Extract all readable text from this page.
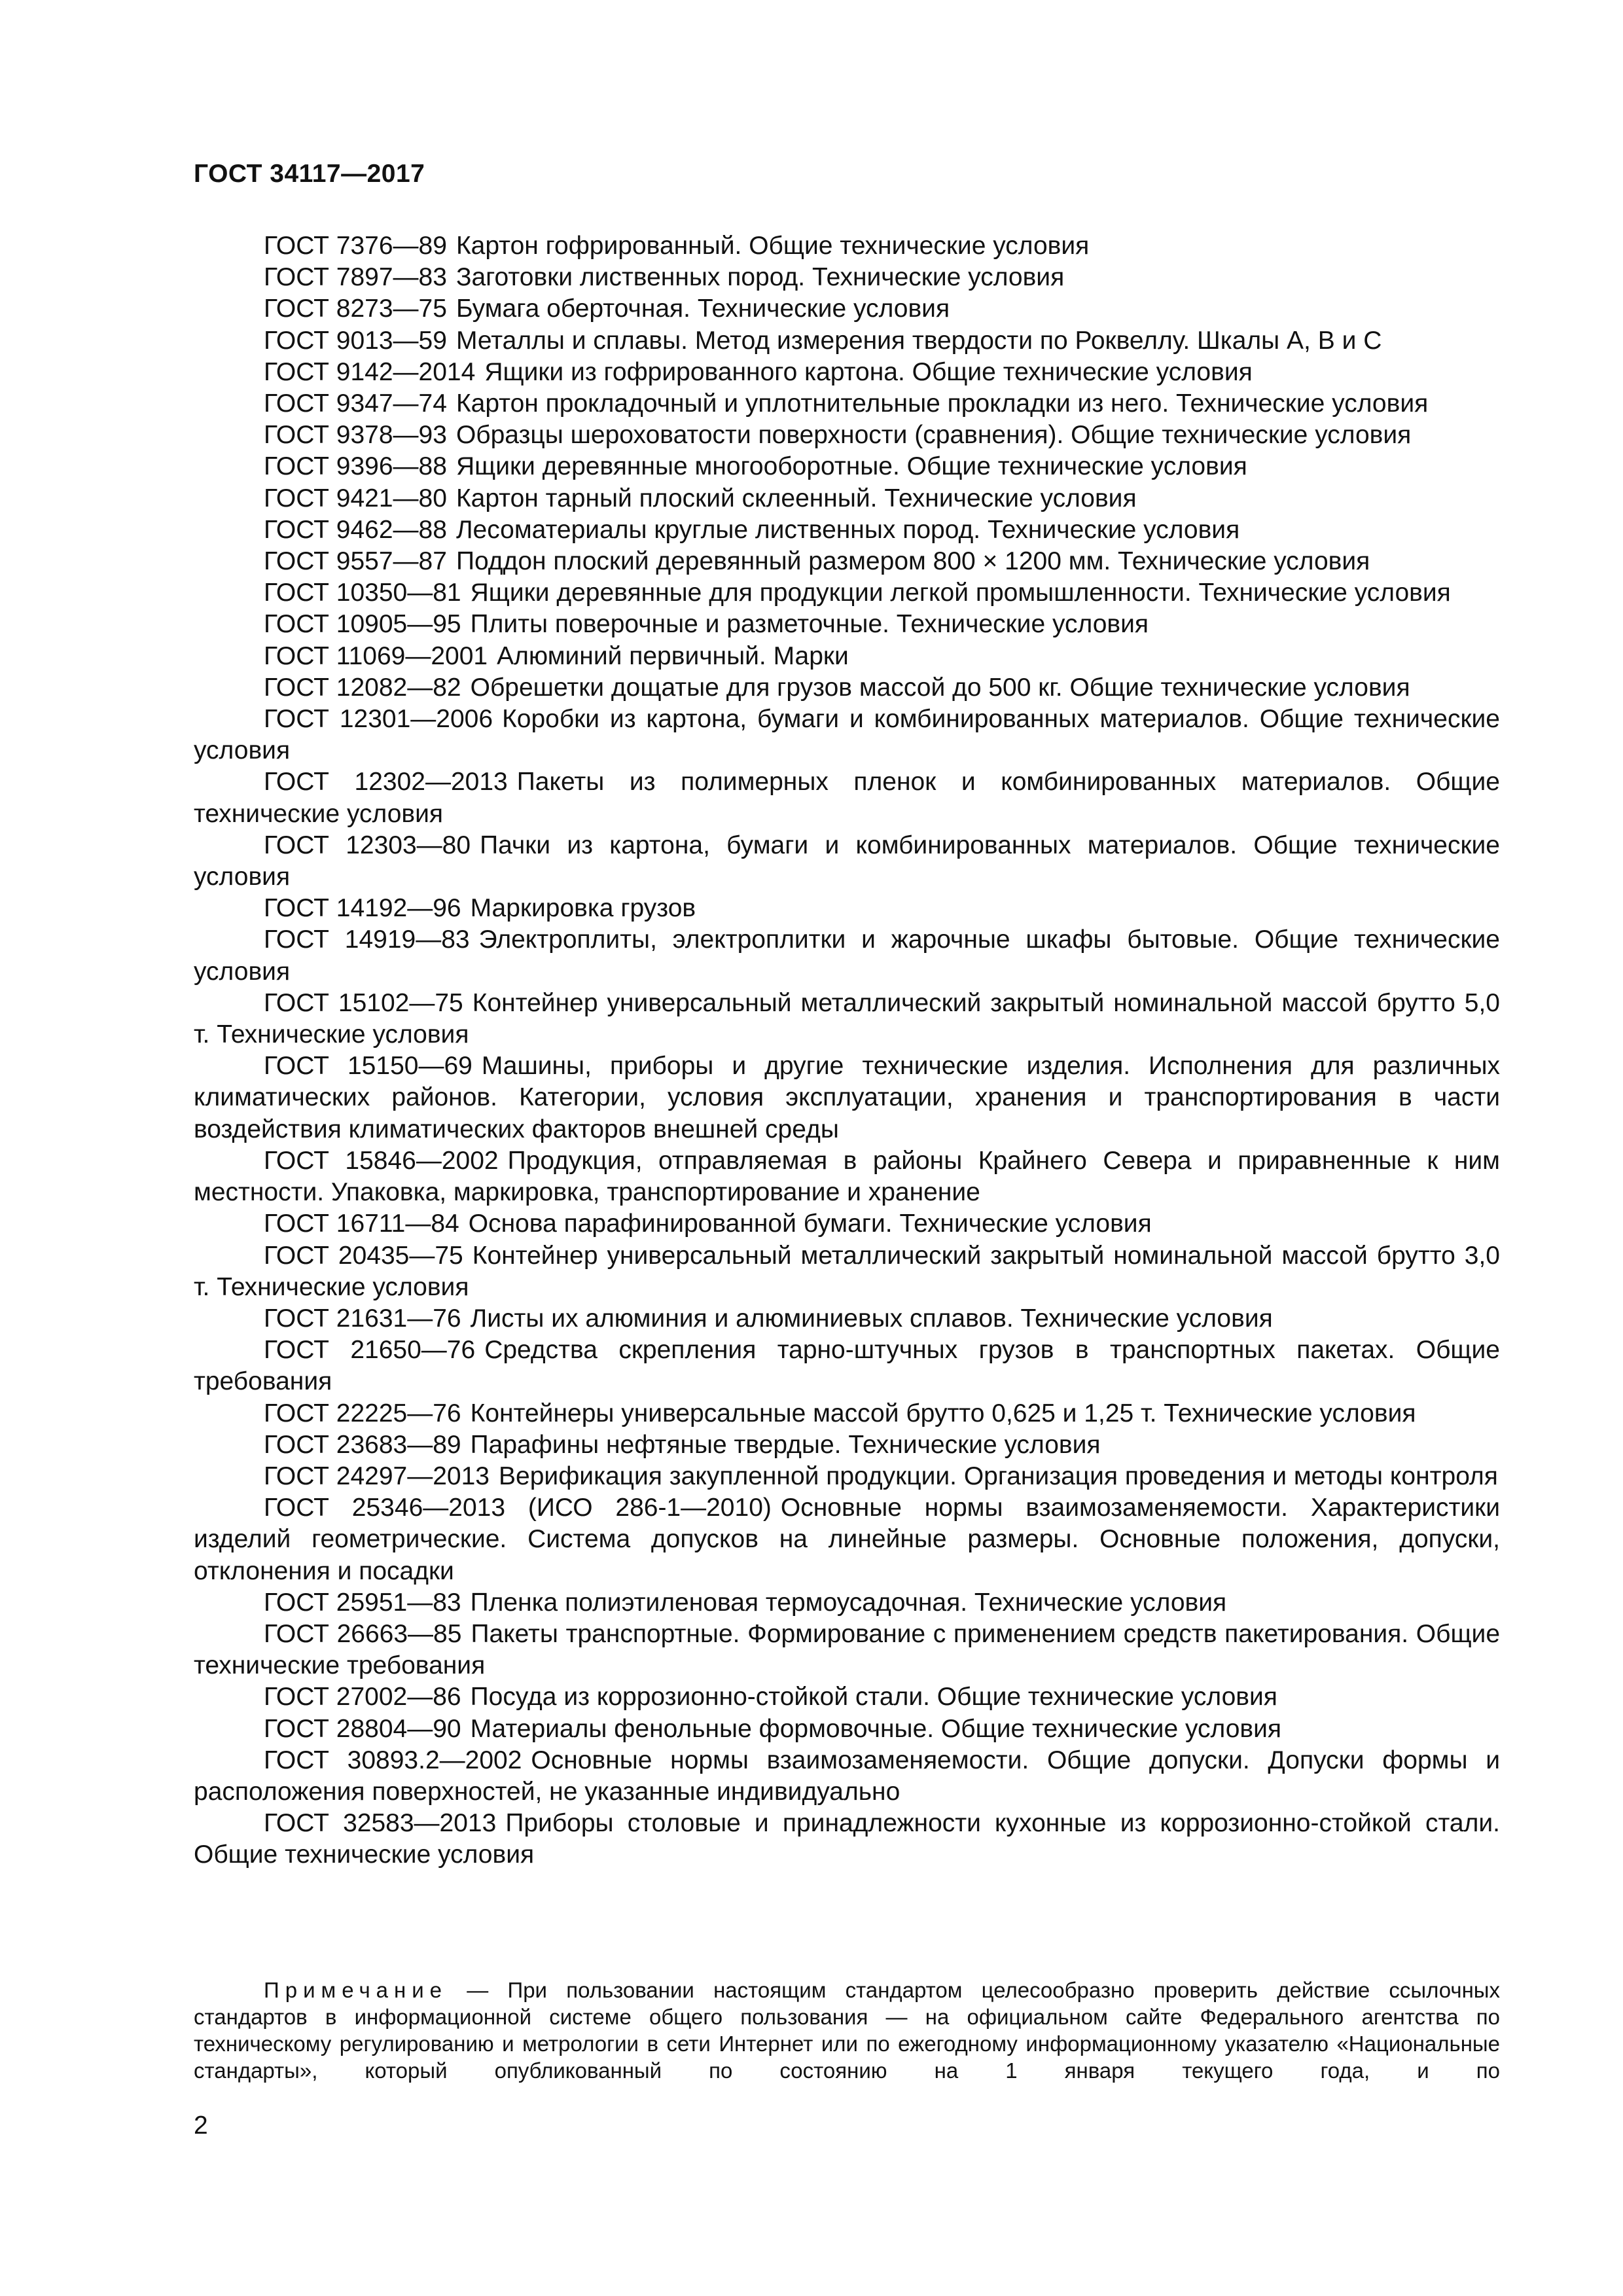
ГОСТ 34117—2017
ГОСТ 7376—89 Картон гофрированный. Общие технические условия
ГОСТ 7897—83 Заготовки лиственных пород. Технические условия
ГОСТ 8273—75 Бумага оберточная. Технические условия
ГОСТ 9013—59 Металлы и сплавы. Метод измерения твердости по Роквеллу. Шкалы А, В и С
ГОСТ 9142—2014 Ящики из гофрированного картона. Общие технические условия
ГОСТ 9347—74 Картон прокладочный и уплотнительные прокладки из него. Технические условия
ГОСТ 9378—93 Образцы шероховатости поверхности (сравнения). Общие технические условия
ГОСТ 9396—88 Ящики деревянные многооборотные. Общие технические условия
ГОСТ 9421—80 Картон тарный плоский склеенный. Технические условия
ГОСТ 9462—88 Лесоматериалы круглые лиственных пород. Технические условия
ГОСТ 9557—87 Поддон плоский деревянный размером 800 × 1200 мм. Технические условия
ГОСТ 10350—81 Ящики деревянные для продукции легкой промышленности. Технические условия
ГОСТ 10905—95 Плиты поверочные и разметочные. Технические условия
ГОСТ 11069—2001 Алюминий первичный. Марки
ГОСТ 12082—82 Обрешетки дощатые для грузов массой до 500 кг. Общие технические условия
ГОСТ 12301—2006 Коробки из картона, бумаги и комбинированных материалов. Общие технические условия
ГОСТ 12302—2013 Пакеты из полимерных пленок и комбинированных материалов. Общие технические условия
ГОСТ 12303—80 Пачки из картона, бумаги и комбинированных материалов. Общие технические условия
ГОСТ 14192—96 Маркировка грузов
ГОСТ 14919—83 Электроплиты, электроплитки и жарочные шкафы бытовые. Общие технические условия
ГОСТ 15102—75 Контейнер универсальный металлический закрытый номинальной массой брутто 5,0 т. Технические условия
ГОСТ 15150—69 Машины, приборы и другие технические изделия. Исполнения для различных климатических районов. Категории, условия эксплуатации, хранения и транспортирования в части воздействия климатических факторов внешней среды
ГОСТ 15846—2002 Продукция, отправляемая в районы Крайнего Севера и приравненные к ним местности. Упаковка, маркировка, транспортирование и хранение
ГОСТ 16711—84 Основа парафинированной бумаги. Технические условия
ГОСТ 20435—75 Контейнер универсальный металлический закрытый номинальной массой брутто 3,0 т. Технические условия
ГОСТ 21631—76 Листы их алюминия и алюминиевых сплавов. Технические условия
ГОСТ 21650—76 Средства скрепления тарно-штучных грузов в транспортных пакетах. Общие требования
ГОСТ 22225—76 Контейнеры универсальные массой брутто 0,625 и 1,25 т. Технические условия
ГОСТ 23683—89 Парафины нефтяные твердые. Технические условия
ГОСТ 24297—2013 Верификация закупленной продукции. Организация проведения и методы контроля
ГОСТ 25346—2013 (ИСО 286-1—2010) Основные нормы взаимозаменяемости. Характеристики изделий геометрические. Система допусков на линейные размеры. Основные положения, допуски, отклонения и посадки
ГОСТ 25951—83 Пленка полиэтиленовая термоусадочная. Технические условия
ГОСТ 26663—85 Пакеты транспортные. Формирование с применением средств пакетирования. Общие технические требования
ГОСТ 27002—86 Посуда из коррозионно-стойкой стали. Общие технические условия
ГОСТ 28804—90 Материалы фенольные формовочные. Общие технические условия
ГОСТ 30893.2—2002 Основные нормы взаимозаменяемости. Общие допуски. Допуски формы и расположения поверхностей, не указанные индивидуально
ГОСТ 32583—2013 Приборы столовые и принадлежности кухонные из коррозионно-стойкой стали. Общие технические условия
Примечание — При пользовании настоящим стандартом целесообразно проверить действие ссылочных стандартов в информационной системе общего пользования — на официальном сайте Федерального агентства по техническому регулированию и метрологии в сети Интернет или по ежегодному информационному указателю «Национальные стандарты», который опубликованный по состоянию на 1 января текущего года, и по
2
